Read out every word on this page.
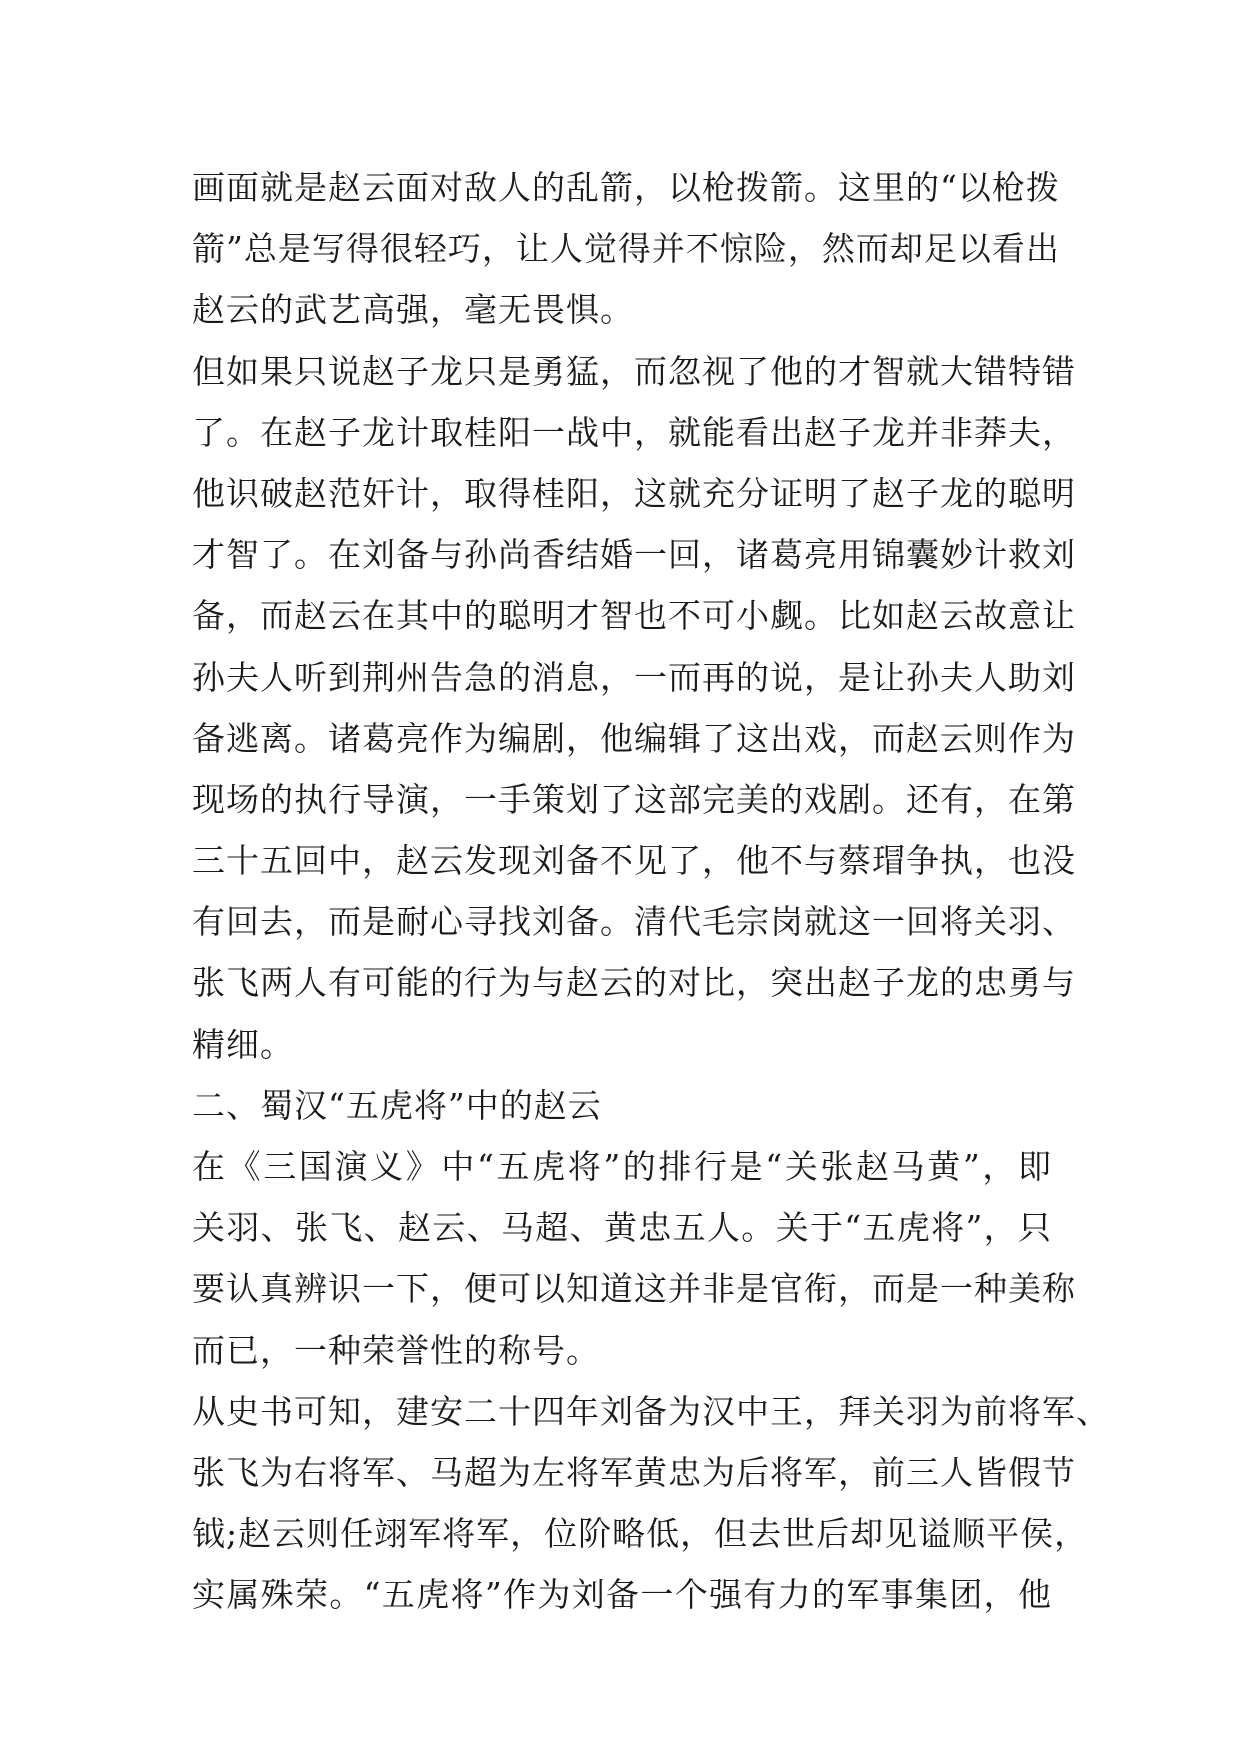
画面就是赵云面对敌人的乱箭，以枪拨箭。这里的“以枪拨
箭”总是写得很轻巧，让人觉得并不惊险，然而却足以看出
赵云的武艺高强，毫无畏惧。
但如果只说赵子龙只是勇猛，而忽视了他的才智就大错特错
了。在赵子龙计取桂阳一战中，就能看出赵子龙并非莽夫，
他识破赵范奸计，取得桂阳，这就充分证明了赵子龙的聪明
才智了。在刘备与孙尚香结婚一回，诸葛亮用锦囊妙计救刘
备，而赵云在其中的聪明才智也不可小觑。比如赵云故意让
孙夫人听到荆州告急的消息，一而再的说，是让孙夫人助刘
备逃离。诸葛亮作为编剧，他编辑了这出戏，而赵云则作为
现场的执行导演，一手策划了这部完美的戏剧。还有，在第
三十五回中，赵云发现刘备不见了，他不与蔡瑁争执，也没
有回去，而是耐心寻找刘备。清代毛宗岗就这一回将关羽、
张飞两人有可能的行为与赵云的对比，突出赵子龙的忠勇与
精细。
二、蜀汉“五虎将”中的赵云
在《三国演义》中“五虎将”的排行是“关张赵马黄”，即
关羽、张飞、赵云、马超、黄忠五人。关于“五虎将”，只
要认真辨识一下，便可以知道这并非是官衔，而是一种美称
而已，一种荣誉性的称号。
从史书可知，建安二十四年刘备为汉中王，拜关羽为前将军、
张飞为右将军、马超为左将军黄忠为后将军，前三人皆假节
钺;赵云则任翊军将军，位阶略低，但去世后却见谥顺平侯，
实属殊荣。“五虎将”作为刘备一个强有力的军事集团，他
